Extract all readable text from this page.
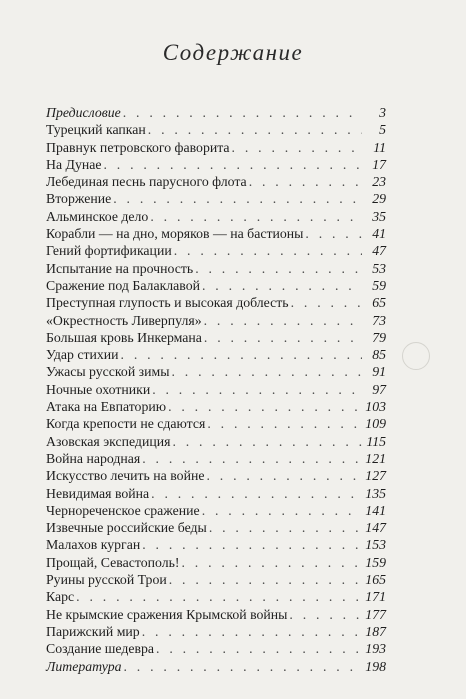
Содержание
Предисловие . . .	3
Турецкий капкан . . .	5
Правнук петровского фаворита . . .	11
На Дунае . . .	17
Лебединая песнь парусного флота . . .	23
Вторжение . . .	29
Альминское дело . . .	35
Корабли — на дно, моряков — на бастионы . . .	41
Гений фортификации . . .	47
Испытание на прочность . . .	53
Сражение под Балаклавой . . .	59
Преступная глупость и высокая доблесть . . .	65
«Окрестность Ливерпуля» . . .	73
Большая кровь Инкермана . . .	79
Удар стихии . . .	85
Ужасы русской зимы . . .	91
Ночные охотники . . .	97
Атака на Евпаторию . . .	103
Когда крепости не сдаются . . .	109
Азовская экспедиция . . .	115
Война народная . . .	121
Искусство лечить на войне . . .	127
Невидимая война . . .	135
Чернореченское сражение . . .	141
Извечные российские беды . . .	147
Малахов курган . . .	153
Прощай, Севастополь! . . .	159
Руины русской Трои . . .	165
Карс . . .	171
Не крымские сражения Крымской войны . . .	177
Парижский мир . . .	187
Создание шедевра . . .	193
Литература . . .	198
